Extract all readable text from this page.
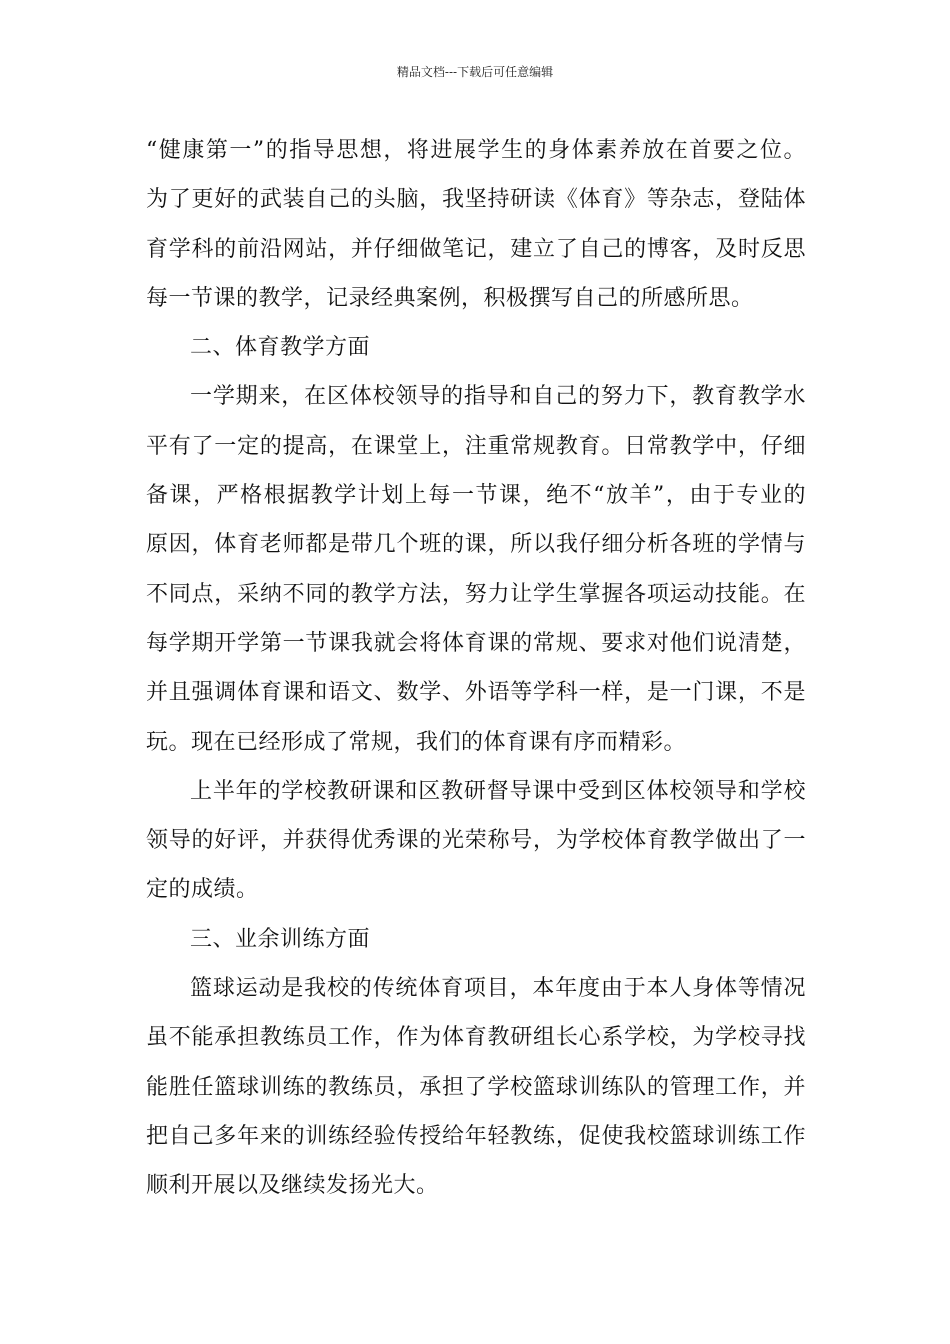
精品文档---下载后可任意编辑
“健康第一”的指导思想，将进展学生的身体素养放在首要之位。
为了更好的武装自己的头脑，我坚持研读《体育》等杂志，登陆体
育学科的前沿网站，并仔细做笔记，建立了自己的博客，及时反思
每一节课的教学，记录经典案例，积极撰写自己的所感所思。
二、体育教学方面
一学期来，在区体校领导的指导和自己的努力下，教育教学水
平有了一定的提高，在课堂上，注重常规教育。日常教学中，仔细
备课，严格根据教学计划上每一节课，绝不“放羊”，由于专业的
原因，体育老师都是带几个班的课，所以我仔细分析各班的学情与
不同点，采纳不同的教学方法，努力让学生掌握各项运动技能。在
每学期开学第一节课我就会将体育课的常规、要求对他们说清楚，
并且强调体育课和语文、数学、外语等学科一样，是一门课，不是
玩。现在已经形成了常规，我们的体育课有序而精彩。
上半年的学校教研课和区教研督导课中受到区体校领导和学校
领导的好评，并获得优秀课的光荣称号，为学校体育教学做出了一
定的成绩。
三、业余训练方面
篮球运动是我校的传统体育项目，本年度由于本人身体等情况
虽不能承担教练员工作，作为体育教研组长心系学校，为学校寻找
能胜任篮球训练的教练员，承担了学校篮球训练队的管理工作，并
把自己多年来的训练经验传授给年轻教练，促使我校篮球训练工作
顺利开展以及继续发扬光大。
